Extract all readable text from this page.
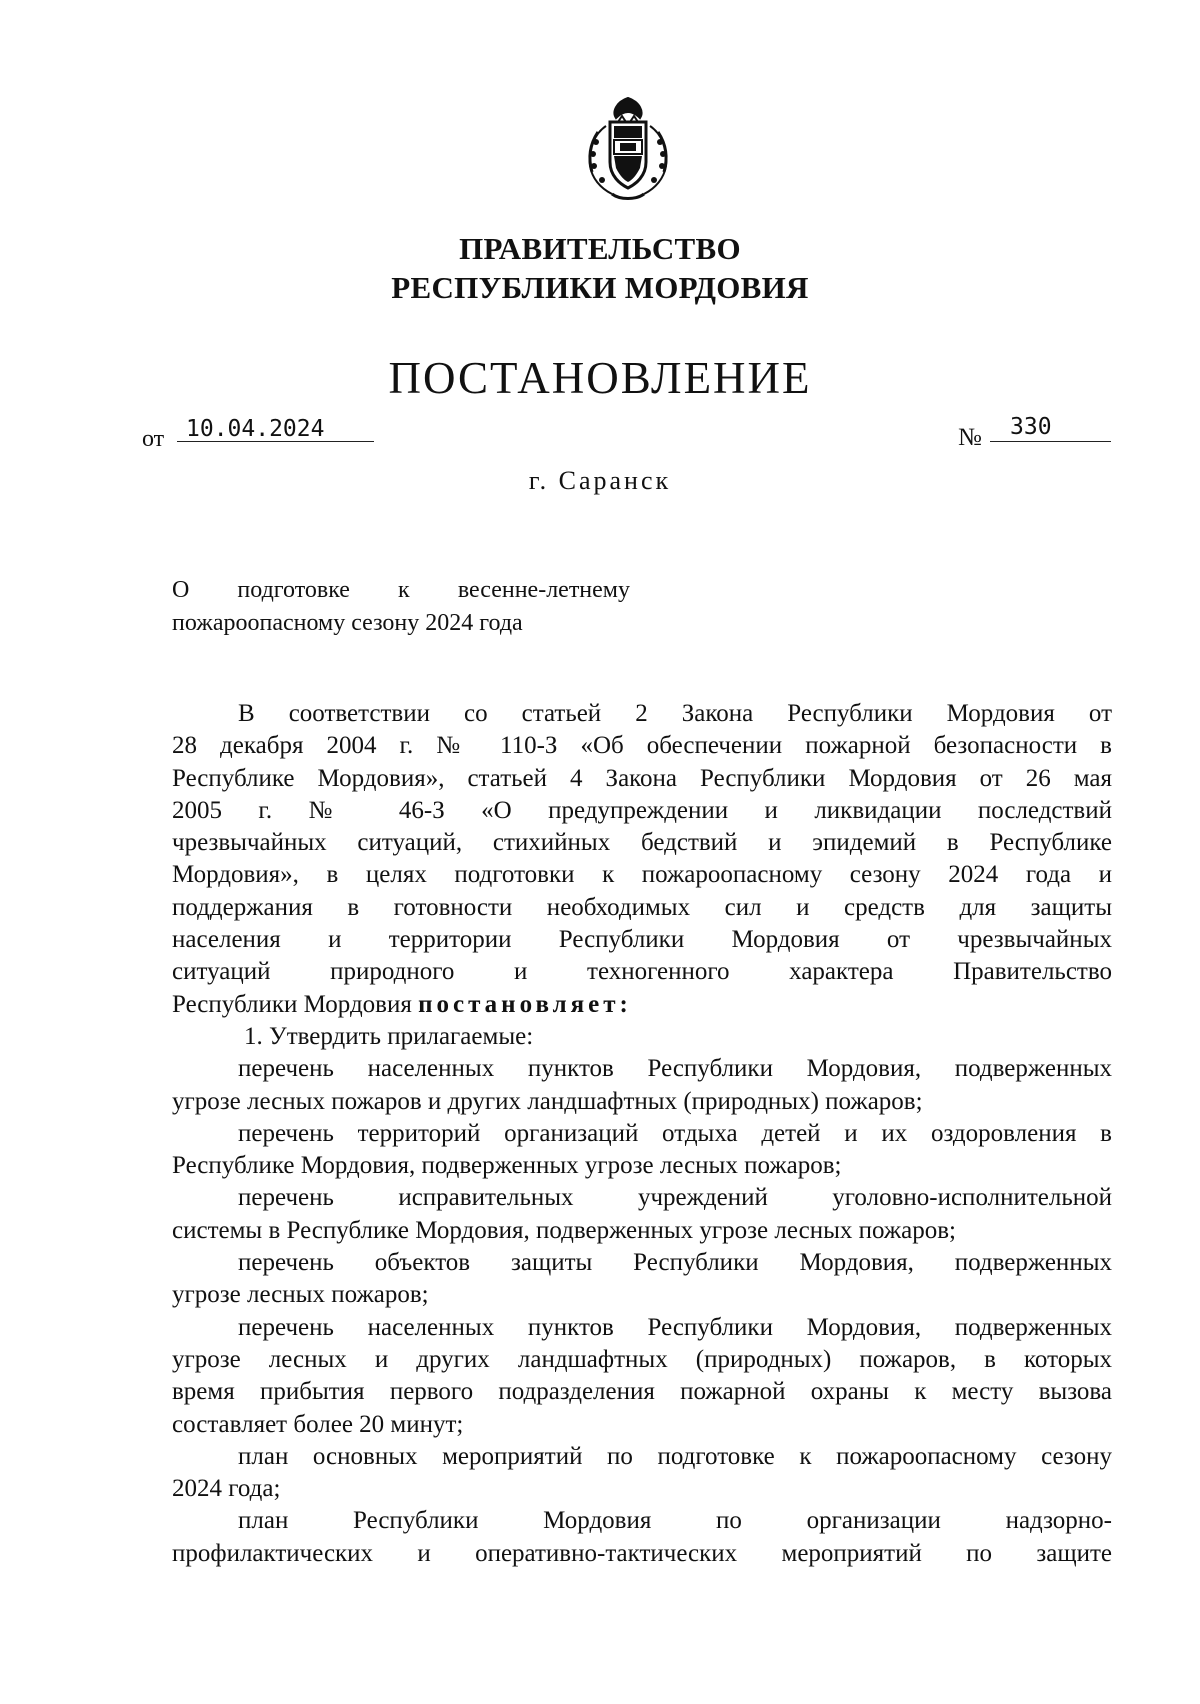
ПРАВИТЕЛЬСТВО
РЕСПУБЛИКИ МОРДОВИЯ
ПОСТАНОВЛЕНИЕ
от 10.04.2024	№ 330
г. Саранск
О подготовке к весенне-летнему
пожароопасному сезону 2024 года
В соответствии со статьей 2 Закона Республики Мордовия от
28 декабря 2004 г. № 110-З «Об обеспечении пожарной безопасности в
Республике Мордовия», статьей 4 Закона Республики Мордовия от 26 мая
2005 г. № 46-З «О предупреждении и ликвидации последствий
чрезвычайных ситуаций, стихийных бедствий и эпидемий в Республике
Мордовия», в целях подготовки к пожароопасному сезону 2024 года и
поддержания в готовности необходимых сил и средств для защиты
населения и территории Республики Мордовия от чрезвычайных
ситуаций природного и техногенного характера Правительство
Республики Мордовия постановляет:
1. Утвердить прилагаемые:
перечень населенных пунктов Республики Мордовия, подверженных
угрозе лесных пожаров и других ландшафтных (природных) пожаров;
перечень территорий организаций отдыха детей и их оздоровления в
Республике Мордовия, подверженных угрозе лесных пожаров;
перечень исправительных учреждений уголовно-исполнительной
системы в Республике Мордовия, подверженных угрозе лесных пожаров;
перечень объектов защиты Республики Мордовия, подверженных
угрозе лесных пожаров;
перечень населенных пунктов Республики Мордовия, подверженных
угрозе лесных и других ландшафтных (природных) пожаров, в которых
время прибытия первого подразделения пожарной охраны к месту вызова
составляет более 20 минут;
план основных мероприятий по подготовке к пожароопасному сезону
2024 года;
план Республики Мордовия по организации надзорно-
профилактических и оперативно-тактических мероприятий по защите
